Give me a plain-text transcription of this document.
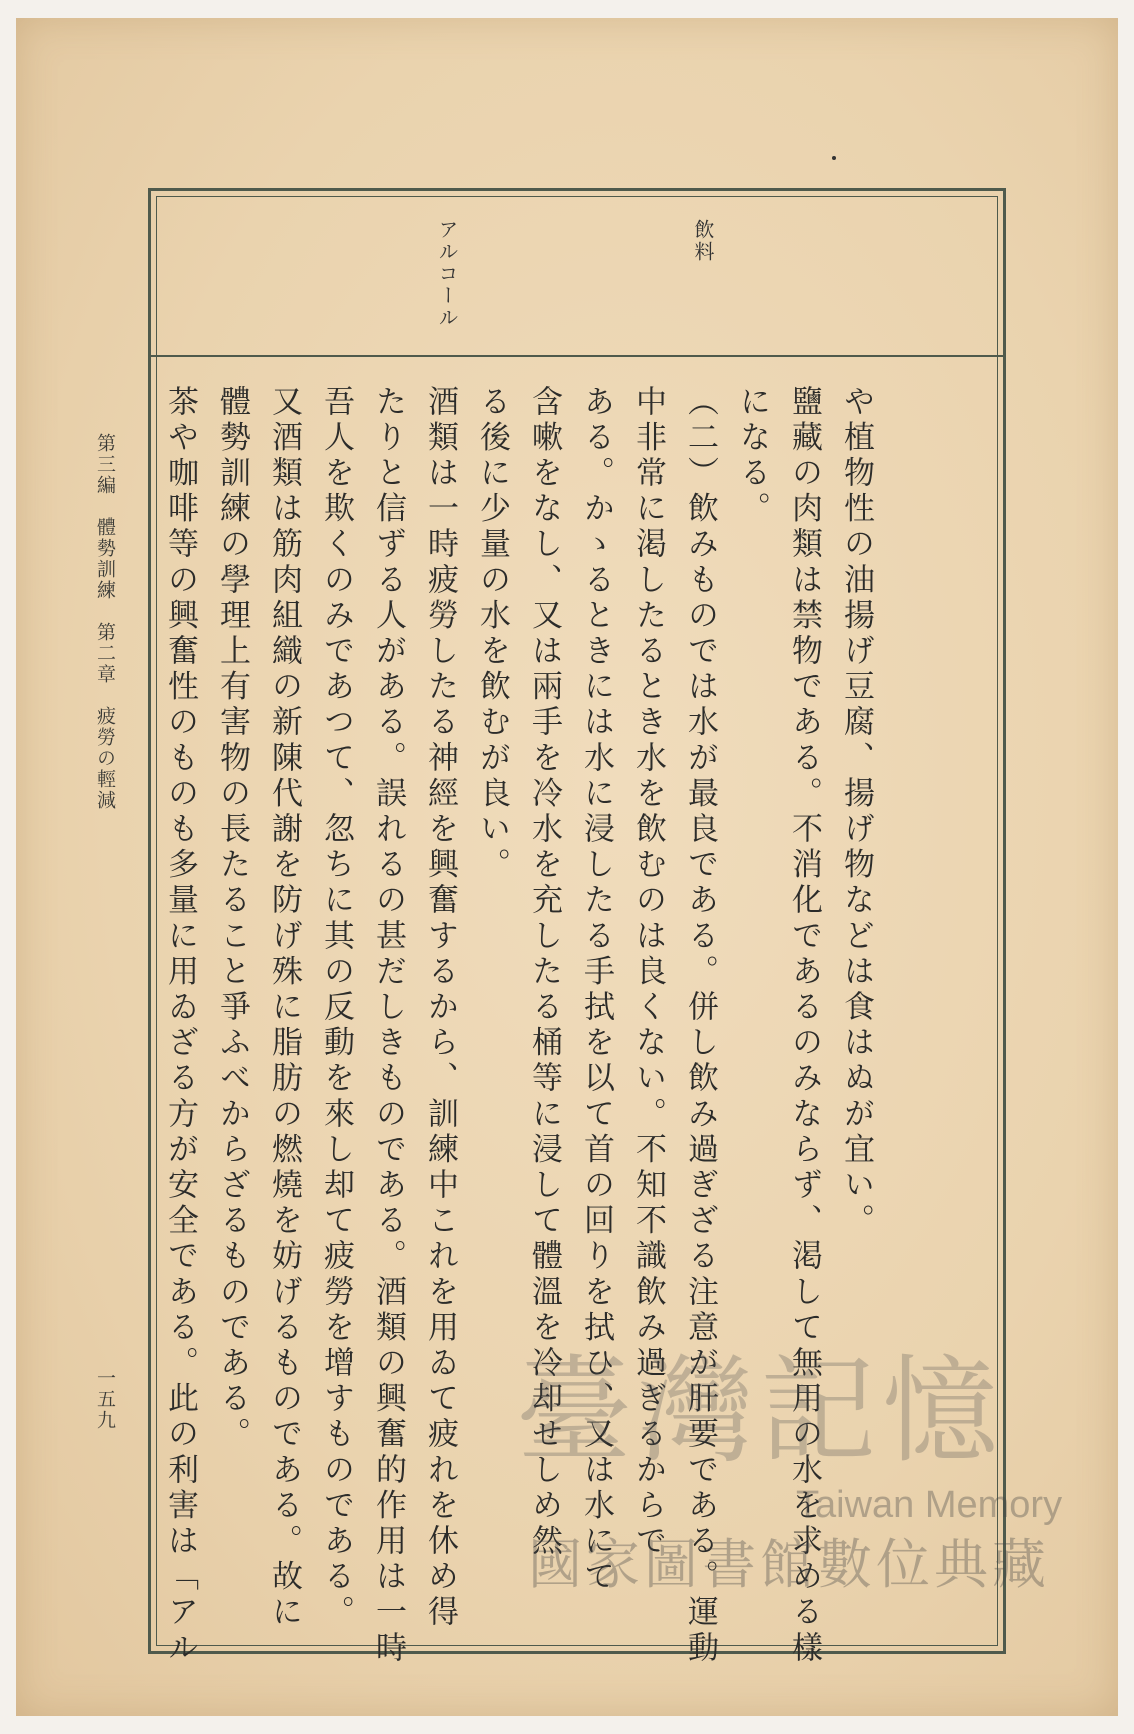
飲料
アルコール
や植物性の油揚げ豆腐、揚げ物などは食はぬが宜い。
鹽藏の肉類は禁物である。不消化であるのみならず、渇して無用の水を求める樣
になる。
（二）飲みものでは水が最良である。併し飲み過ぎざる注意が肝要である。運動
中非常に渇したるとき水を飲むのは良くない。不知不識飲み過ぎるからで
ある。かゝるときには水に浸したる手拭を以て首の回りを拭ひ、又は水にて
含嗽をなし、又は兩手を冷水を充したる桶等に浸して體溫を冷却せしめ然
る後に少量の水を飲むが良い。
酒類は一時疲勞したる神經を興奮するから、訓練中これを用ゐて疲れを休め得
たりと信ずる人がある。誤れるの甚だしきものである。酒類の興奮的作用は一時
吾人を欺くのみであつて、忽ちに其の反動を來し却て疲勞を增すものである。
又酒類は筋肉組織の新陳代謝を防げ殊に脂肪の燃燒を妨げるものである。故に
體勢訓練の學理上有害物の長たること爭ふべからざるものである。
茶や咖啡等の興奮性のものも多量に用ゐざる方が安全である。此の利害は「アル
第三編　體勢訓練　第二章　疲勞の輕減
一五九	臺灣記憶
Taiwan Memory
國家圖書館數位典藏
